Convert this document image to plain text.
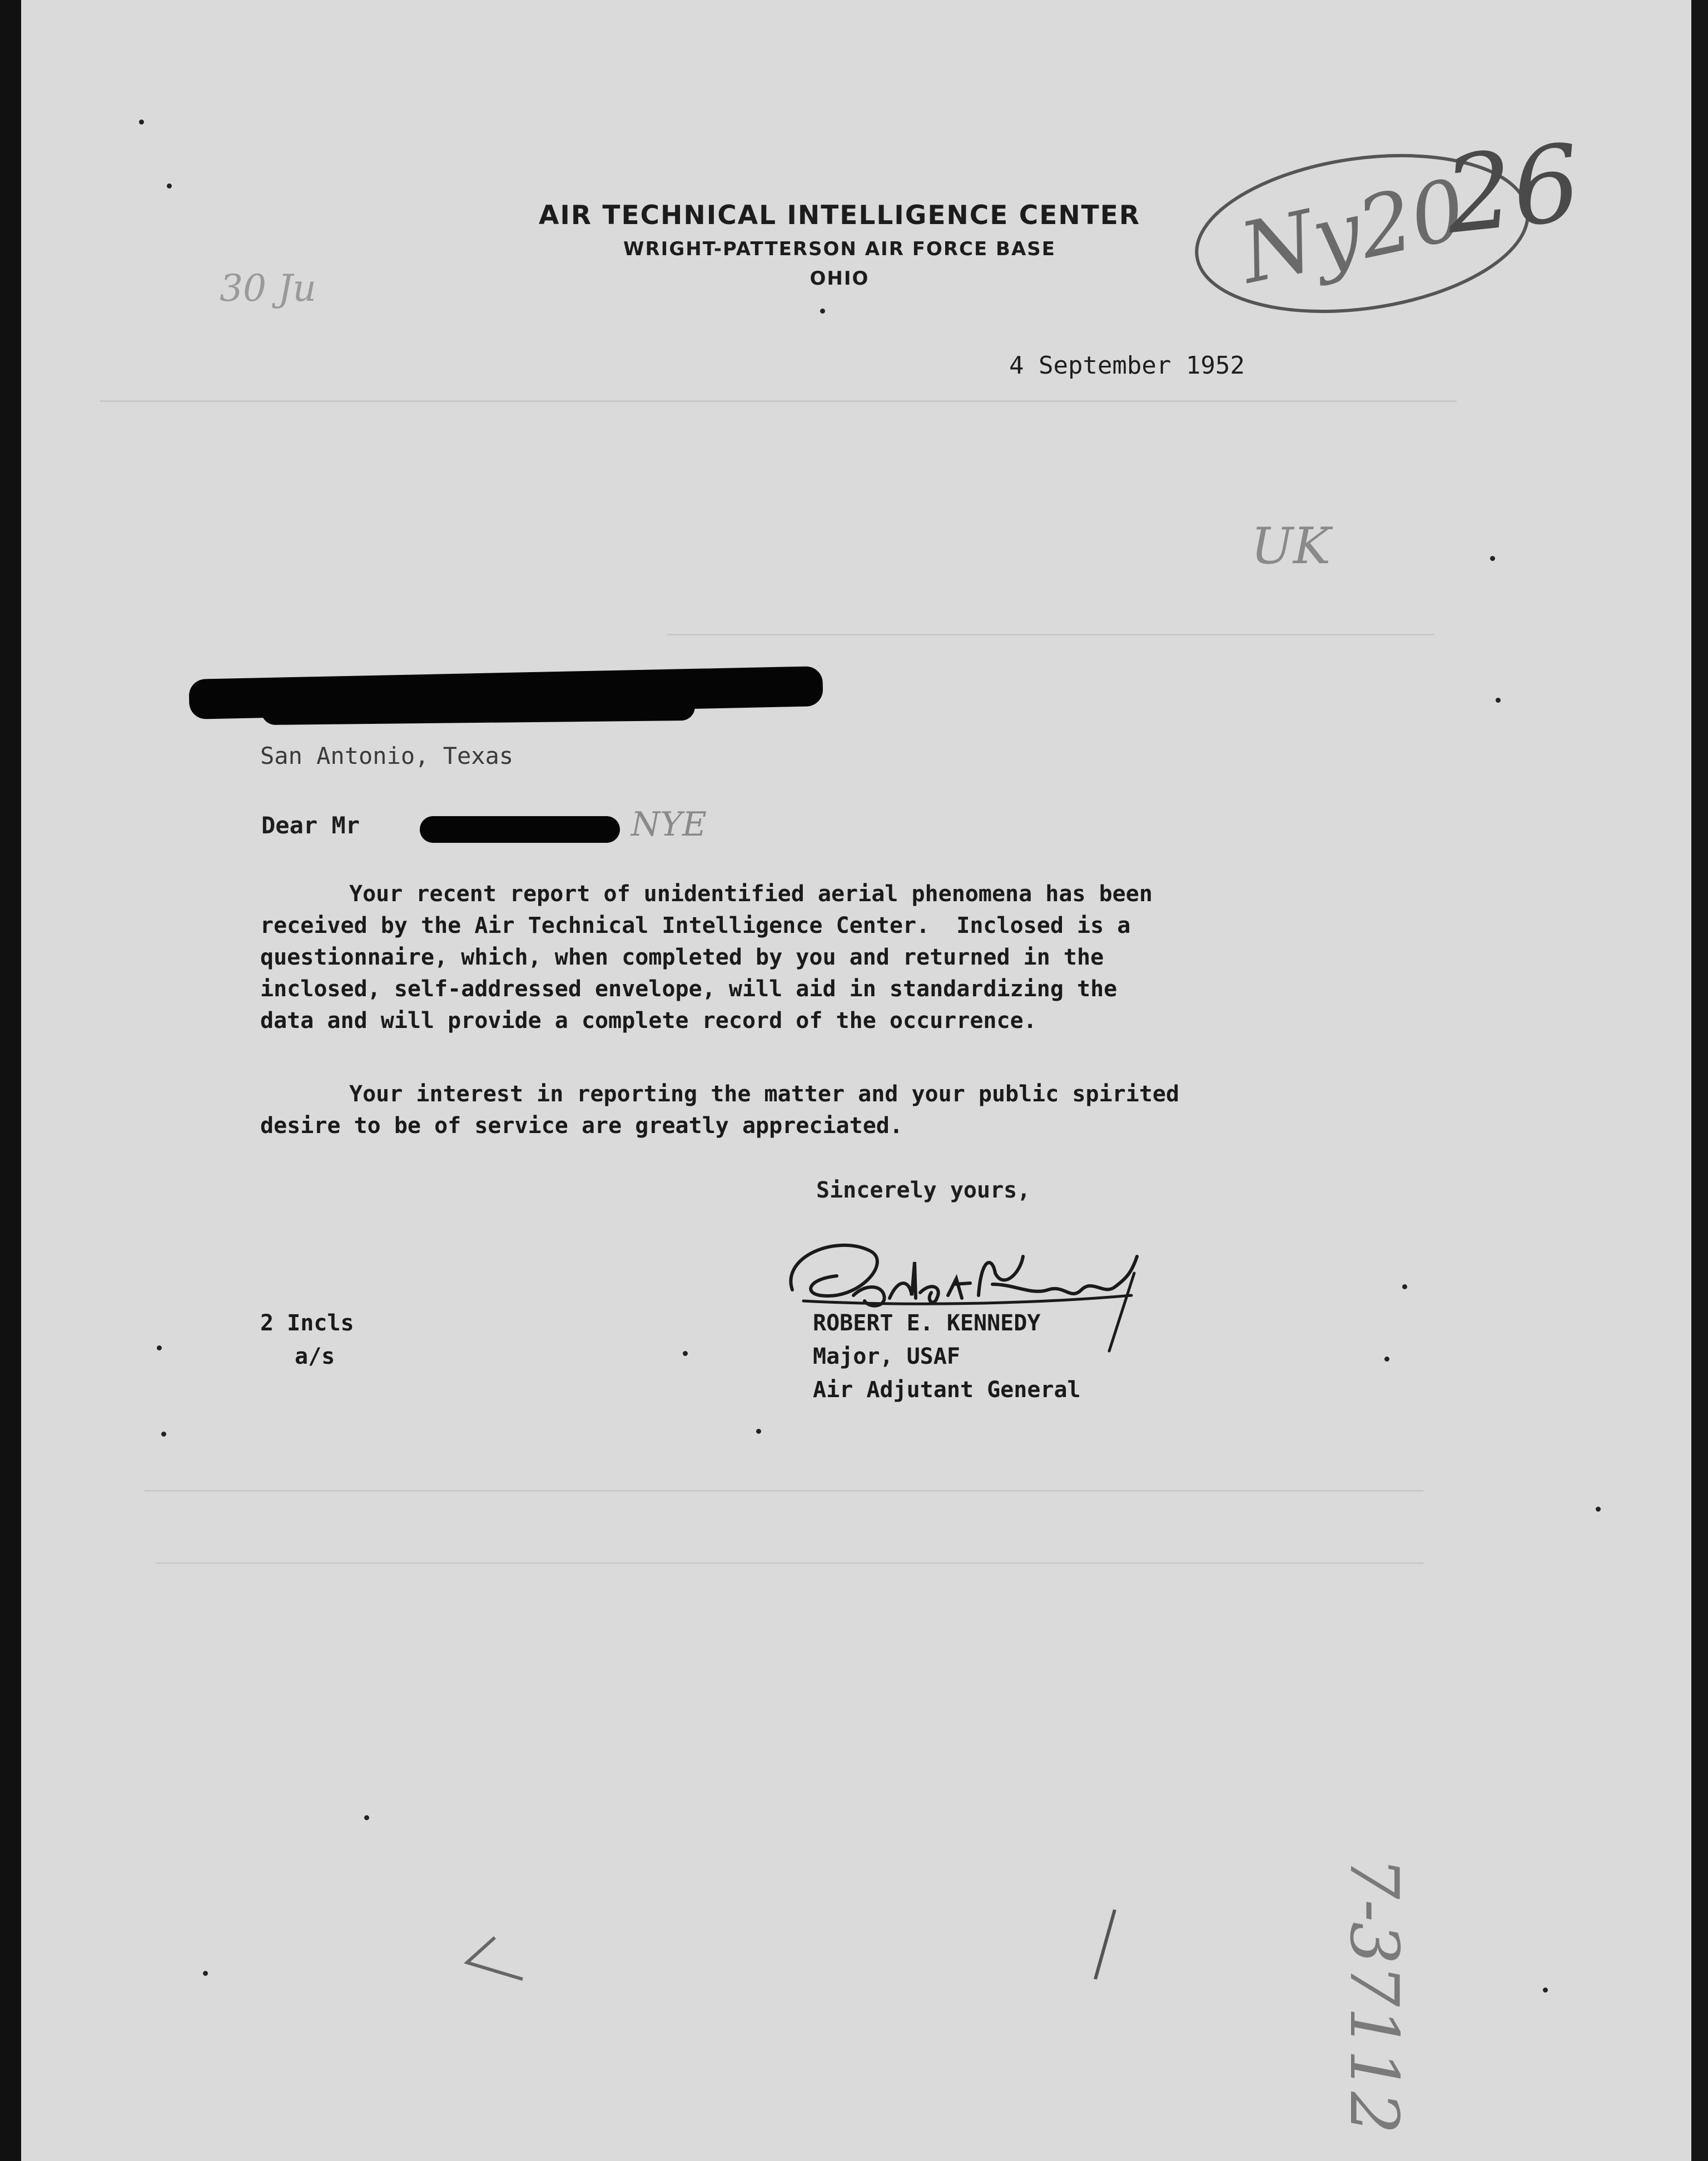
AIR TECHNICAL INTELLIGENCE CENTER
WRIGHT-PATTERSON AIR FORCE BASE
OHIO	Ny20
26
30 Ju
UK
4 September 1952
San Antonio, Texas
Dear Mr	NYE
Your recent report of unidentified aerial phenomena has been
received by the Air Technical Intelligence Center.  Inclosed is a
questionnaire, which, when completed by you and returned in the
inclosed, self-addressed envelope, will aid in standardizing the
data and will provide a complete record of the occurrence.
Your interest in reporting the matter and your public spirited
desire to be of service are greatly appreciated.
Sincerely yours,
ROBERT E. KENNEDY
Major, USAF
Air Adjutant General
2 Incls
a/s
7-37112
